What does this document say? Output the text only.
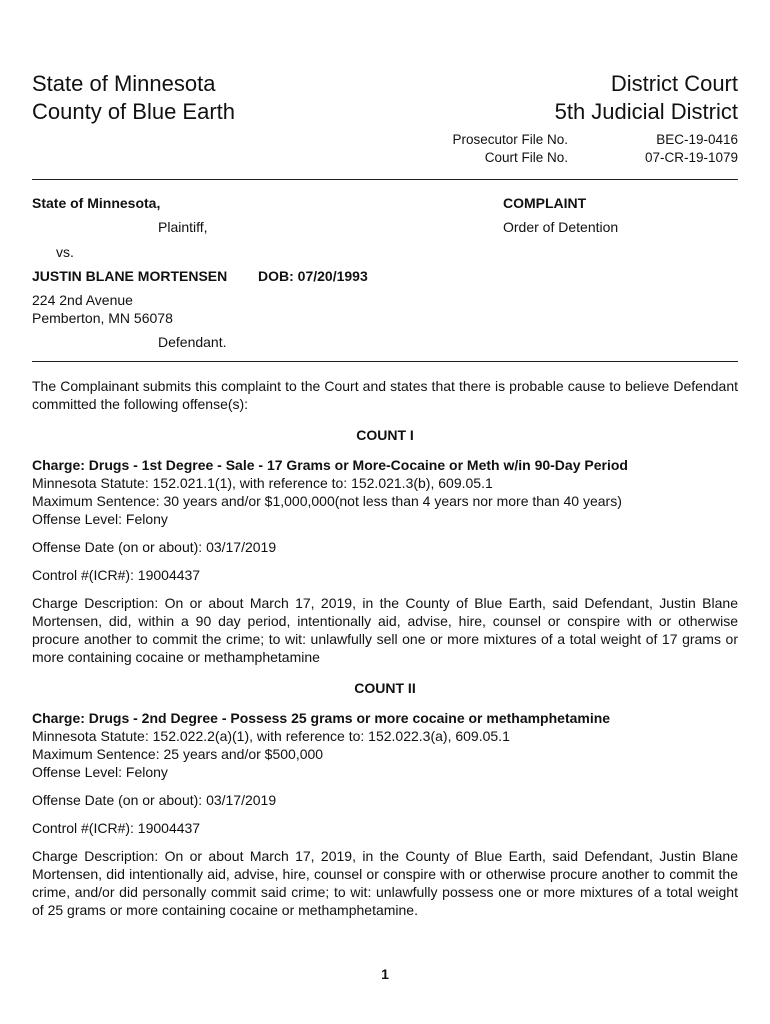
State of Minnesota
County of Blue Earth
District Court
5th Judicial District
Prosecutor File No.	BEC-19-0416
Court File No.	07-CR-19-1079
State of Minnesota,
Plaintiff,
vs.
JUSTIN BLANE MORTENSEN DOB: 07/20/1993
224 2nd Avenue
Pemberton, MN 56078
Defendant.
COMPLAINT
Order of Detention
The Complainant submits this complaint to the Court and states that there is probable cause to believe Defendant committed the following offense(s):
COUNT I
Charge: Drugs - 1st Degree - Sale - 17 Grams or More-Cocaine or Meth w/in 90-Day Period
Minnesota Statute: 152.021.1(1), with reference to: 152.021.3(b), 609.05.1
Maximum Sentence: 30 years and/or $1,000,000(not less than 4 years nor more than 40 years)
Offense Level: Felony
Offense Date (on or about): 03/17/2019
Control #(ICR#): 19004437
Charge Description: On or about March 17, 2019, in the County of Blue Earth, said Defendant, Justin Blane Mortensen, did, within a 90 day period, intentionally aid, advise, hire, counsel or conspire with or otherwise procure another to commit the crime; to wit: unlawfully sell one or more mixtures of a total weight of 17 grams or more containing cocaine or methamphetamine
COUNT II
Charge: Drugs - 2nd Degree - Possess 25 grams or more cocaine or methamphetamine
Minnesota Statute: 152.022.2(a)(1), with reference to: 152.022.3(a), 609.05.1
Maximum Sentence: 25 years and/or $500,000
Offense Level: Felony
Offense Date (on or about): 03/17/2019
Control #(ICR#): 19004437
Charge Description: On or about March 17, 2019, in the County of Blue Earth, said Defendant, Justin Blane Mortensen, did intentionally aid, advise, hire, counsel or conspire with or otherwise procure another to commit the crime, and/or did personally commit said crime; to wit: unlawfully possess one or more mixtures of a total weight of 25 grams or more containing cocaine or methamphetamine.
1
